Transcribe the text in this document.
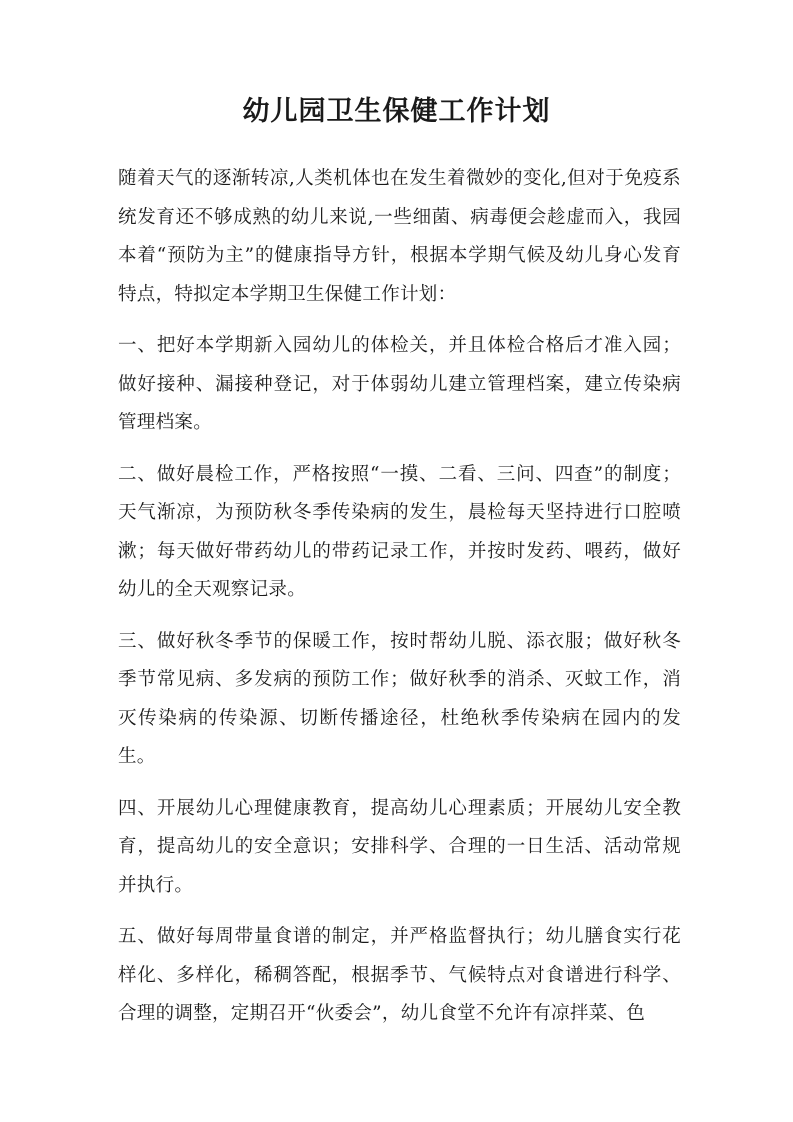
幼儿园卫生保健工作计划

随着天气的逐渐转凉,人类机体也在发生着微妙的变化,但对于免疫系统发育还不够成熟的幼儿来说,一些细菌、病毒便会趁虚而入，我园本着“预防为主”的健康指导方针，根据本学期气候及幼儿身心发育特点，特拟定本学期卫生保健工作计划：

一、把好本学期新入园幼儿的体检关，并且体检合格后才准入园；做好接种、漏接种登记，对于体弱幼儿建立管理档案，建立传染病管理档案。

二、做好晨检工作，严格按照“一摸、二看、三问、四查”的制度；天气渐凉，为预防秋冬季传染病的发生，晨检每天坚持进行口腔喷漱；每天做好带药幼儿的带药记录工作，并按时发药、喂药，做好幼儿的全天观察记录。

三、做好秋冬季节的保暖工作，按时帮幼儿脱、添衣服；做好秋冬季节常见病、多发病的预防工作；做好秋季的消杀、灭蚊工作，消灭传染病的传染源、切断传播途径，杜绝秋季传染病在园内的发生。

四、开展幼儿心理健康教育，提高幼儿心理素质；开展幼儿安全教育，提高幼儿的安全意识；安排科学、合理的一日生活、活动常规并执行。

五、做好每周带量食谱的制定，并严格监督执行；幼儿膳食实行花样化、多样化，稀稠答配，根据季节、气候特点对食谱进行科学、合理的调整，定期召开“伙委会”，幼儿食堂不允许有凉拌菜、色
